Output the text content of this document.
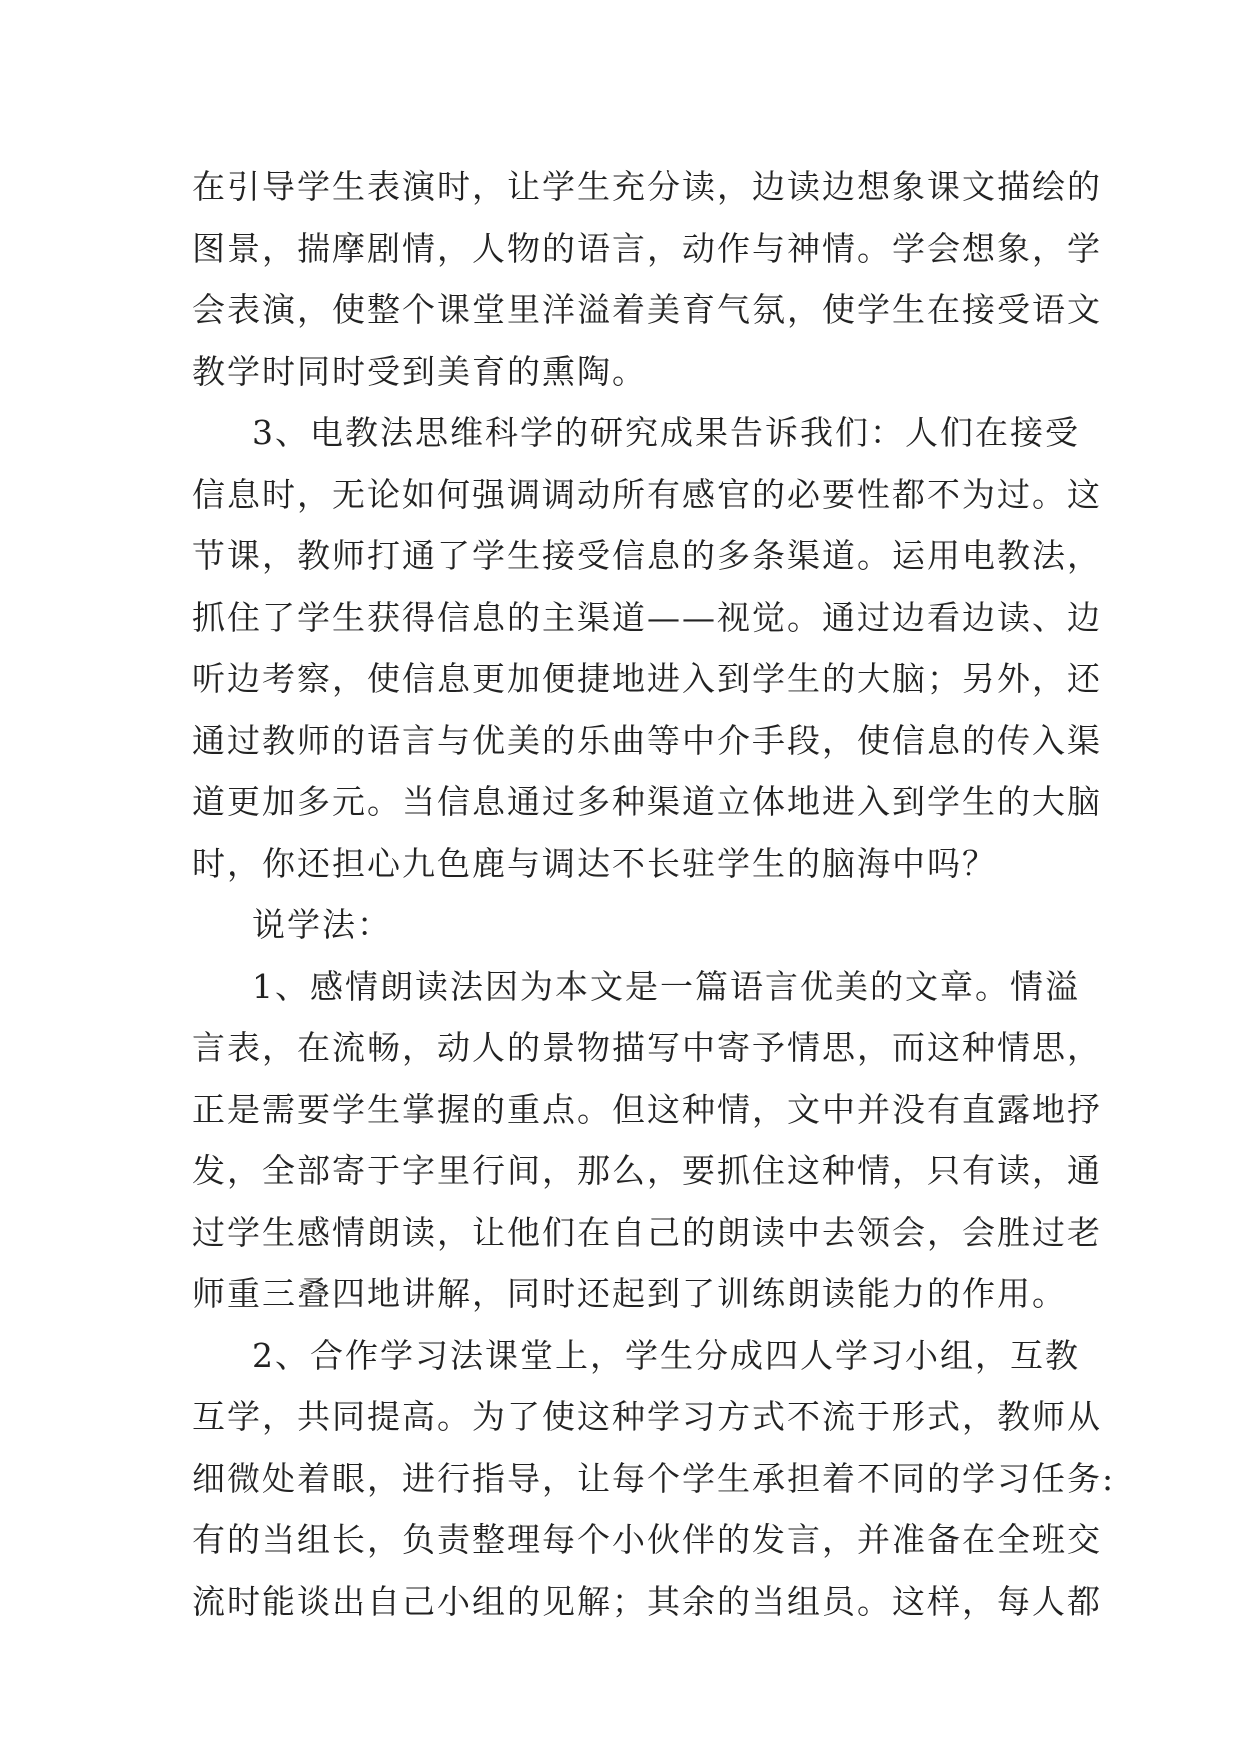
在引导学生表演时，让学生充分读，边读边想象课文描绘的
图景，揣摩剧情，人物的语言，动作与神情。学会想象，学
会表演，使整个课堂里洋溢着美育气氛，使学生在接受语文
教学时同时受到美育的熏陶。
3、电教法思维科学的研究成果告诉我们：人们在接受
信息时，无论如何强调调动所有感官的必要性都不为过。这
节课，教师打通了学生接受信息的多条渠道。运用电教法，
抓住了学生获得信息的主渠道——视觉。通过边看边读、边
听边考察，使信息更加便捷地进入到学生的大脑；另外，还
通过教师的语言与优美的乐曲等中介手段，使信息的传入渠
道更加多元。当信息通过多种渠道立体地进入到学生的大脑
时，你还担心九色鹿与调达不长驻学生的脑海中吗？
说学法：
1、感情朗读法因为本文是一篇语言优美的文章。情溢
言表，在流畅，动人的景物描写中寄予情思，而这种情思，
正是需要学生掌握的重点。但这种情，文中并没有直露地抒
发，全部寄于字里行间，那么，要抓住这种情，只有读，通
过学生感情朗读，让他们在自己的朗读中去领会，会胜过老
师重三叠四地讲解，同时还起到了训练朗读能力的作用。
2、合作学习法课堂上，学生分成四人学习小组，互教
互学，共同提高。为了使这种学习方式不流于形式，教师从
细微处着眼，进行指导，让每个学生承担着不同的学习任务:
有的当组长，负责整理每个小伙伴的发言，并准备在全班交
流时能谈出自己小组的见解；其余的当组员。这样，每人都
